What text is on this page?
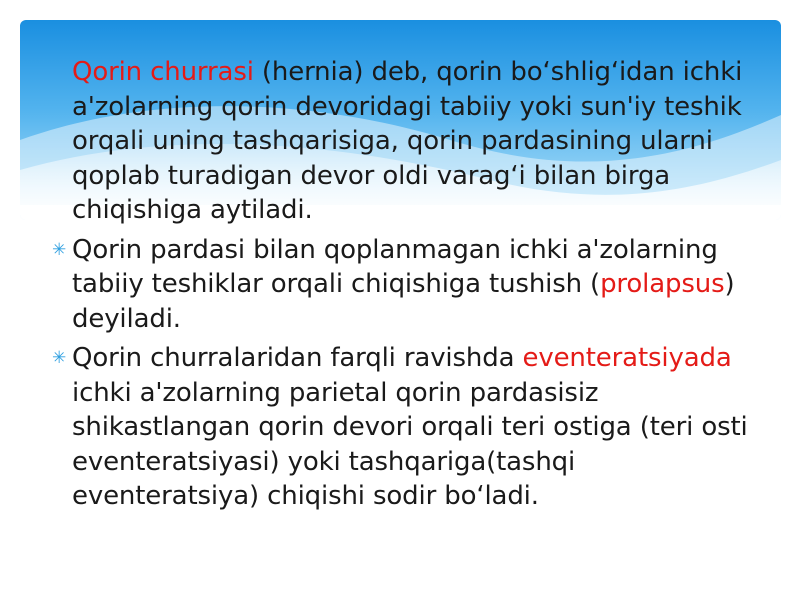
Qorin churrasi (hernia) deb, qorin bo‘shlig‘idan ichki a'zolarning qorin devoridagi tabiiy yoki sun'iy teshik orqali uning tashqarisiga, qorin pardasining ularni qoplab turadigan devor oldi varag‘i bilan birga chiqishiga aytiladi.
✳ Qorin pardasi bilan qoplanmagan ichki a'zolarning tabiiy teshiklar orqali chiqishiga tushish (prolapsus) deyiladi.
✳ Qorin churralaridan farqli ravishda eventeratsiyada ichki a'zolarning parietal qorin pardasisiz shikastlangan qorin devori orqali teri ostiga (teri osti eventeratsiyasi) yoki tashqariga(tashqi eventeratsiya) chiqishi sodir bo‘ladi.
